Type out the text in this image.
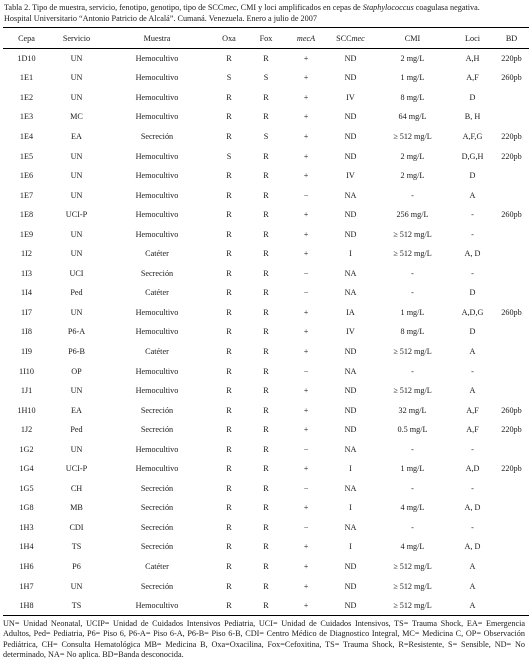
Tabla 2. Tipo de muestra, servicio, fenotipo, genotipo, tipo de SCCmec, CMI y loci amplificados en cepas de Staphylococcus coagulasa negativa.
Hospital Universitario “Antonio Patricio de Alcalá”. Cumaná. Venezuela. Enero a julio de 2007
Cepa	Servicio	Muestra	Oxa	Fox	mecA	SCCmec	CMI	Loci	BD
1D10	UN	Hemocultivo	R	R	+	ND	2 mg/L	A,H	220pb
1E1	UN	Hemocultivo	S	S	+	ND	1 mg/L	A,F	260pb
1E2	UN	Hemocultivo	R	R	+	IV	8 mg/L	D	
1E3	MC	Hemocultivo	R	R	+	ND	64 mg/L	B, H	
1E4	EA	Secreción	R	S	+	ND	≥ 512 mg/L	A,F,G	220pb
1E5	UN	Hemocultivo	S	R	+	ND	2 mg/L	D,G,H	220pb
1E6	UN	Hemocultivo	R	R	+	IV	2 mg/L	D	
1E7	UN	Hemocultivo	R	R	−	NA	-	A	
1E8	UCI-P	Hemocultivo	R	R	+	ND	256 mg/L	-	260pb
1E9	UN	Hemocultivo	R	R	+	ND	≥ 512 mg/L	-	
1I2	UN	Catéter	R	R	+	I	≥ 512 mg/L	A, D	
1I3	UCI	Secreción	R	R	−	NA	-	-	
1I4	Ped	Catéter	R	R	−	NA	-	D	
1I7	UN	Hemocultivo	R	R	+	IA	1 mg/L	A,D,G	260pb
1I8	P6-A	Hemocultivo	R	R	+	IV	8 mg/L	D	
1I9	P6-B	Catéter	R	R	+	ND	≥ 512 mg/L	A	
1I10	OP	Hemocultivo	R	R	−	NA	-	-	
1J1	UN	Hemocultivo	R	R	+	ND	≥ 512 mg/L	A	
1H10	EA	Secreción	R	R	+	ND	32 mg/L	A,F	260pb
1J2	Ped	Secreción	R	R	+	ND	0.5 mg/L	A,F	220pb
1G2	UN	Hemocultivo	R	R	−	NA	-	-	
1G4	UCI-P	Hemocultivo	R	R	+	I	1 mg/L	A,D	220pb
1G5	CH	Secreción	R	R	−	NA	-	-	
1G8	MB	Secreción	R	R	+	I	4 mg/L	A, D	
1H3	CDI	Secreción	R	R	−	NA	-	-	
1H4	TS	Secreción	R	R	+	I	4 mg/L	A, D	
1H6	P6	Catéter	R	R	+	ND	≥ 512 mg/L	A	
1H7	UN	Secreción	R	R	+	ND	≥ 512 mg/L	A	
1H8	TS	Hemocultivo	R	R	+	ND	≥ 512 mg/L	A	
UN= Unidad Neonatal, UCIP= Unidad de Cuidados Intensivos Pediatria, UCI= Unidad de Cuidados Intensivos, TS= Trauma Shock, EA= Emergencia Adultos, Ped= Pediatria, P6= Piso 6, P6-A= Piso 6-A, P6-B= Piso 6-B, CDI= Centro Médico de Diagnostico Integral, MC= Medicina C, OP= Observación Pediátrica, CH= Consulta Hematológica MB= Medicina B, Oxa=Oxacilina, Fox=Cefoxitina, TS= Trauma Shock, R=Resistente, S= Sensible, ND= No determinado, NA= No aplica. BD=Banda desconocida.
